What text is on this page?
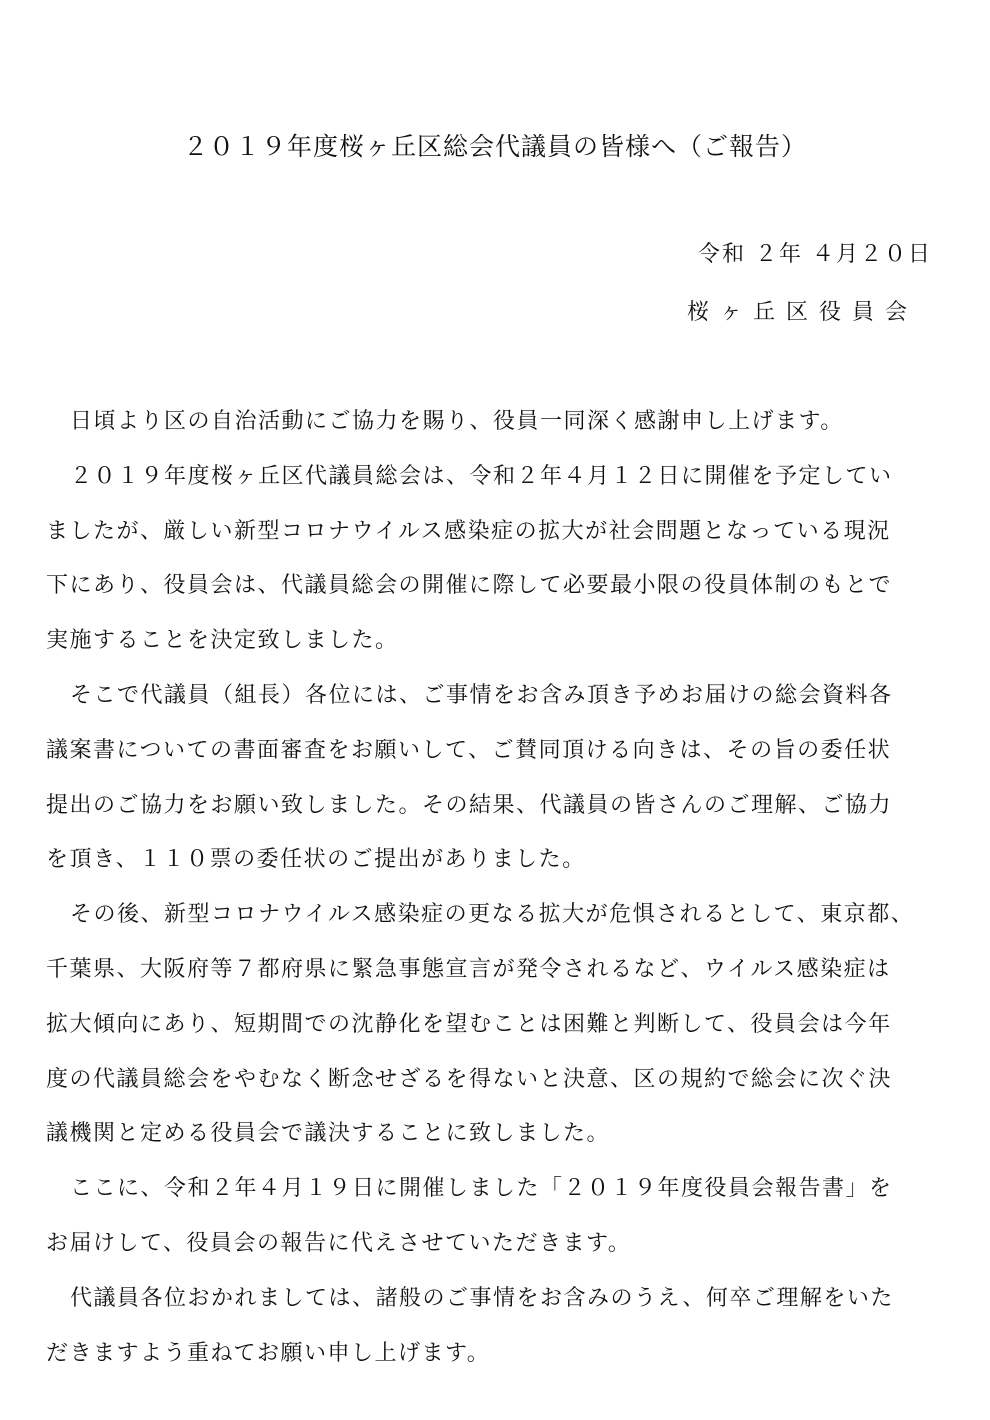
２０１９年度桜ヶ丘区総会代議員の皆様へ（ご報告）
令和 ２年 ４月２０日
桜ヶ丘区役員会
日頃より区の自治活動にご協力を賜り、役員一同深く感謝申し上げます。
２０１９年度桜ヶ丘区代議員総会は、令和２年４月１２日に開催を予定してい
ましたが、厳しい新型コロナウイルス感染症の拡大が社会問題となっている現況
下にあり、役員会は、代議員総会の開催に際して必要最小限の役員体制のもとで
実施することを決定致しました。
そこで代議員（組長）各位には、ご事情をお含み頂き予めお届けの総会資料各
議案書についての書面審査をお願いして、ご賛同頂ける向きは、その旨の委任状
提出のご協力をお願い致しました。その結果、代議員の皆さんのご理解、ご協力
を頂き、１１０票の委任状のご提出がありました。
その後、新型コロナウイルス感染症の更なる拡大が危惧されるとして、東京都、
千葉県、大阪府等７都府県に緊急事態宣言が発令されるなど、ウイルス感染症は
拡大傾向にあり、短期間での沈静化を望むことは困難と判断して、役員会は今年
度の代議員総会をやむなく断念せざるを得ないと決意、区の規約で総会に次ぐ決
議機関と定める役員会で議決することに致しました。
ここに、令和２年４月１９日に開催しました「２０１９年度役員会報告書」を
お届けして、役員会の報告に代えさせていただきます。
代議員各位おかれましては、諸般のご事情をお含みのうえ、何卒ご理解をいた
だきますよう重ねてお願い申し上げます。
